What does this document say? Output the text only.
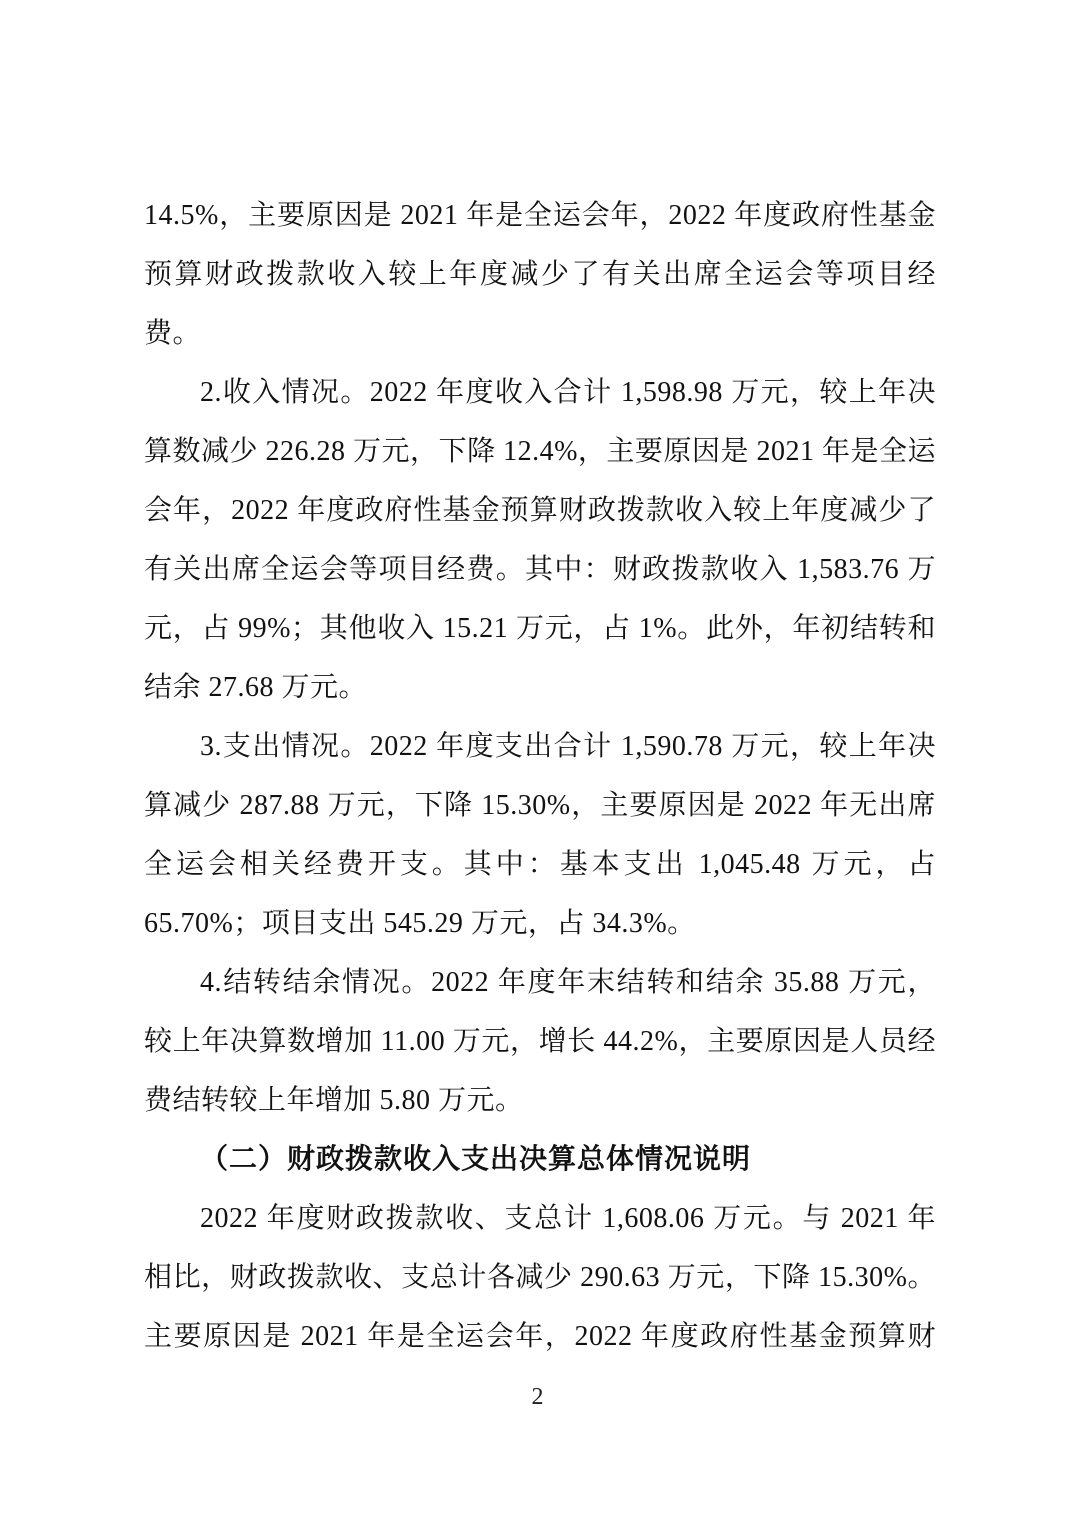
14.5%，主要原因是 2021 年是全运会年，2022 年度政府性基金
预算财政拨款收入较上年度减少了有关出席全运会等项目经
费。
2.收入情况。2022 年度收入合计 1,598.98 万元，较上年决
算数减少 226.28 万元，下降 12.4%，主要原因是 2021 年是全运
会年，2022 年度政府性基金预算财政拨款收入较上年度减少了
有关出席全运会等项目经费。其中：财政拨款收入 1,583.76 万
元，占 99%；其他收入 15.21 万元，占 1%。此外，年初结转和
结余 27.68 万元。
3.支出情况。2022 年度支出合计 1,590.78 万元，较上年决
算减少 287.88 万元，下降 15.30%，主要原因是 2022 年无出席
全运会相关经费开支。其中：基本支出 1,045.48 万元，占
65.70%；项目支出 545.29 万元，占 34.3%。
4.结转结余情况。2022 年度年末结转和结余 35.88 万元，
较上年决算数增加 11.00 万元，增长 44.2%，主要原因是人员经
费结转较上年增加 5.80 万元。
（二）财政拨款收入支出决算总体情况说明
2022 年度财政拨款收、支总计 1,608.06 万元。与 2021 年
相比，财政拨款收、支总计各减少 290.63 万元，下降 15.30%。
主要原因是 2021 年是全运会年，2022 年度政府性基金预算财
2
